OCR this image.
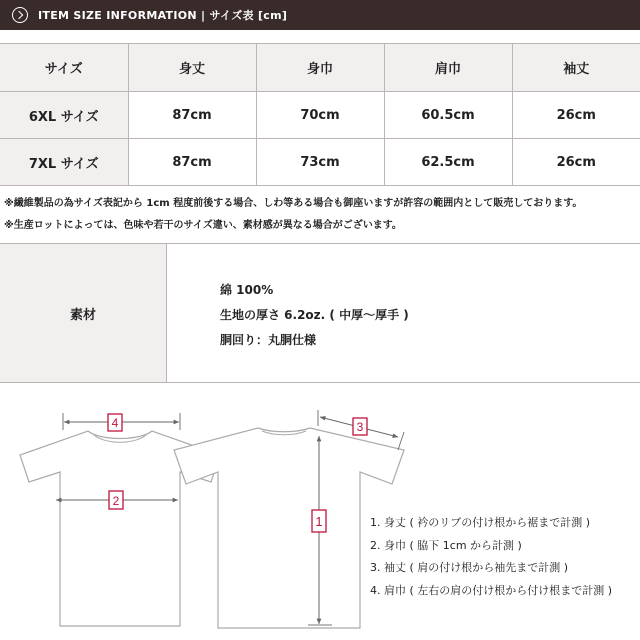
ITEM SIZE INFORMATION | サイズ表 [cm]
サイズ	身丈	身巾	肩巾	袖丈
6XL サイズ	87cm	70cm	60.5cm	26cm
7XL サイズ	87cm	73cm	62.5cm	26cm
※繊維製品の為サイズ表記から 1cm 程度前後する場合、しわ等ある場合も御座いますが許容の範囲内として販売しております。
※生産ロットによっては、色味や若干のサイズ違い、素材感が異なる場合がございます。
素材
綿 100%
生地の厚さ 6.2oz. ( 中厚〜厚手 )
胴回り：丸胴仕様
4
2
3
1	1. 身丈 ( 衿のリブの付け根から裾まで計測 )
2. 身巾 ( 脇下 1cm から計測 )
3. 袖丈 ( 肩の付け根から袖先まで計測 )
4. 肩巾 ( 左右の肩の付け根から付け根まで計測 )
